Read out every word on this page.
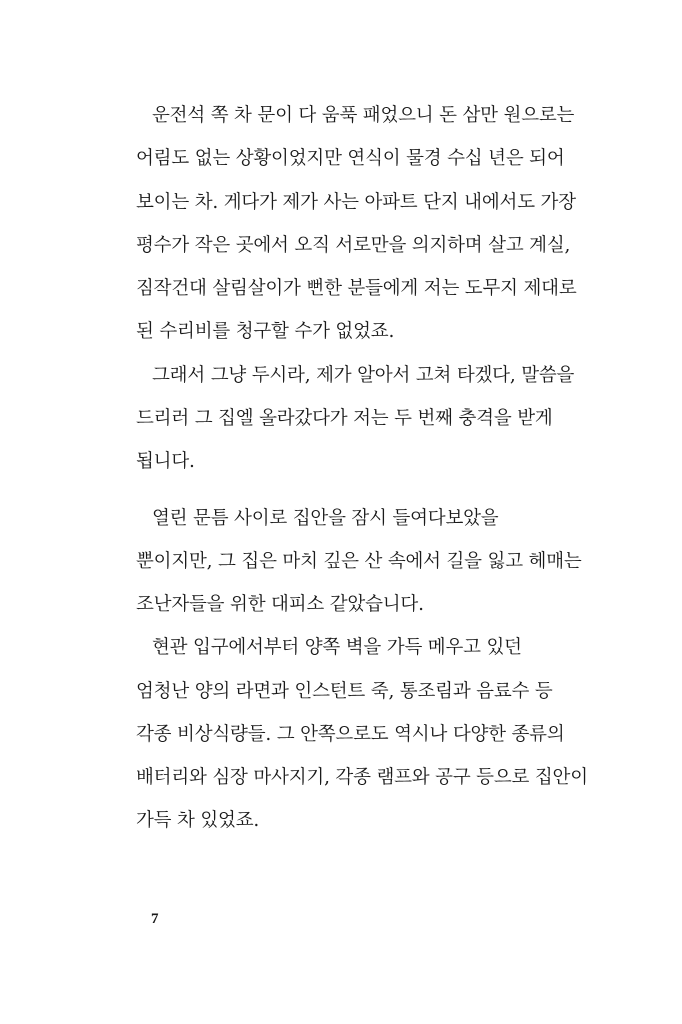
운전석 쪽 차 문이 다 움푹 패었으니 돈 삼만 원으로는
어림도 없는 상황이었지만 연식이 물경 수십 년은 되어
보이는 차. 게다가 제가 사는 아파트 단지 내에서도 가장
평수가 작은 곳에서 오직 서로만을 의지하며 살고 계실,
짐작건대 살림살이가 뻔한 분들에게 저는 도무지 제대로
된 수리비를 청구할 수가 없었죠.
그래서 그냥 두시라, 제가 알아서 고쳐 타겠다, 말씀을
드리러 그 집엘 올라갔다가 저는 두 번째 충격을 받게
됩니다.
열린 문틈 사이로 집안을 잠시 들여다보았을
뿐이지만, 그 집은 마치 깊은 산 속에서 길을 잃고 헤매는
조난자들을 위한 대피소 같았습니다.
현관 입구에서부터 양쪽 벽을 가득 메우고 있던
엄청난 양의 라면과 인스턴트 죽, 통조림과 음료수 등
각종 비상식량들. 그 안쪽으로도 역시나 다양한 종류의
배터리와 심장 마사지기, 각종 램프와 공구 등으로 집안이
가득 차 있었죠.
7
